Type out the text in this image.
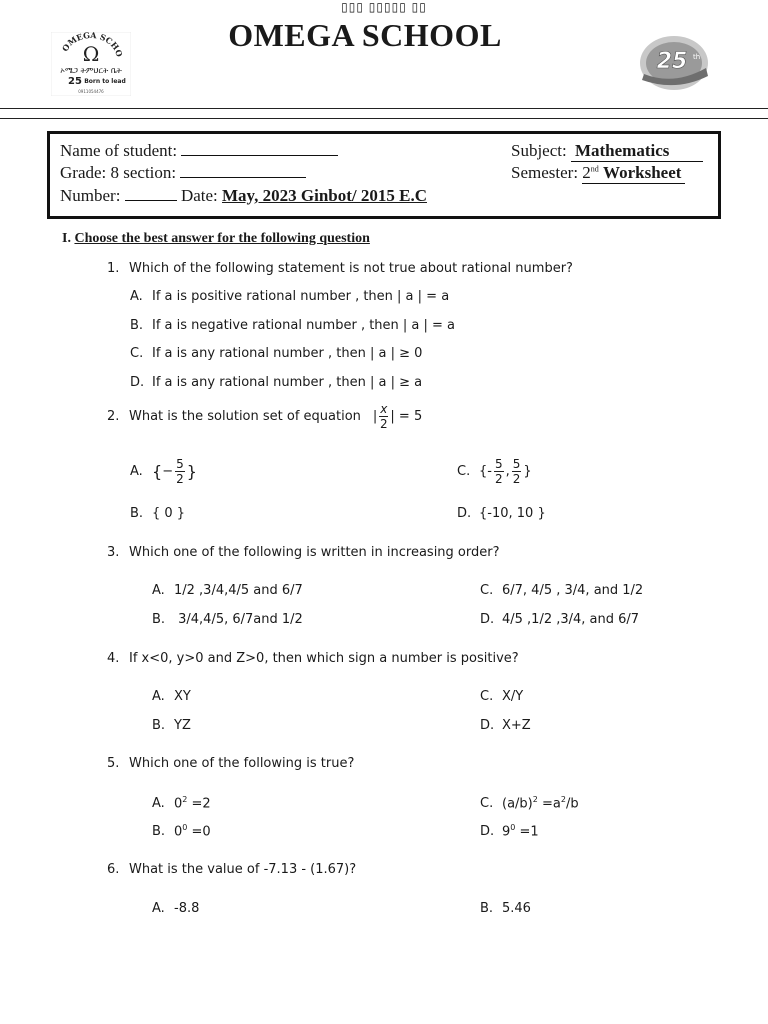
▯▯▯ ▯▯▯▯▯ ▯▯
OMEGA SCHOOL
OMEGA SCHO
Ω
ኦሜጋ ትምህርት ቤት
25 Born to lead
0911054476
25 th
Name of student:
Grade: 8 section:
Number:	Date: May, 2023 Ginbot/ 2015 E.C
Subject: Mathematics
Semester: 2nd Worksheet
I. Choose the best answer for the following question
1. Which of the following statement is not true about rational number?
A. If a is positive rational number , then | a | = a
B. If a is negative rational number , then | a | = a
C. If a is any rational number , then | a | ≥ 0
D. If a is any rational number , then | a | ≥ a
2. What is the solution set of equation | $\frac{x}{2}$ | = 5
A. { − $\frac{5}{2}$ }
B. { 0 }
C. {- $\frac{5}{2}$ , $\frac{5}{2}$ }
D. {-10, 10 }
3. Which one of the following is written in increasing order?
A. 1/2 ,3/4,4/5 and 6/7
B. 3/4,4/5, 6/7and 1/2
C. 6/7, 4/5 , 3/4, and 1/2
D. 4/5 ,1/2 ,3/4, and 6/7
4. If x<0, y>0 and Z>0, then which sign a number is positive?
A. XY
B. YZ
C. X/Y
D. X+Z
5. Which one of the following is true?
A. $0^2 =2$
B. $0^0 =0$
C. $(a/b)^2 =a^2/b$
D. $9^0 =1$
6. What is the value of -7.13 - (1.67)?
A. -8.8	B. 5.46
